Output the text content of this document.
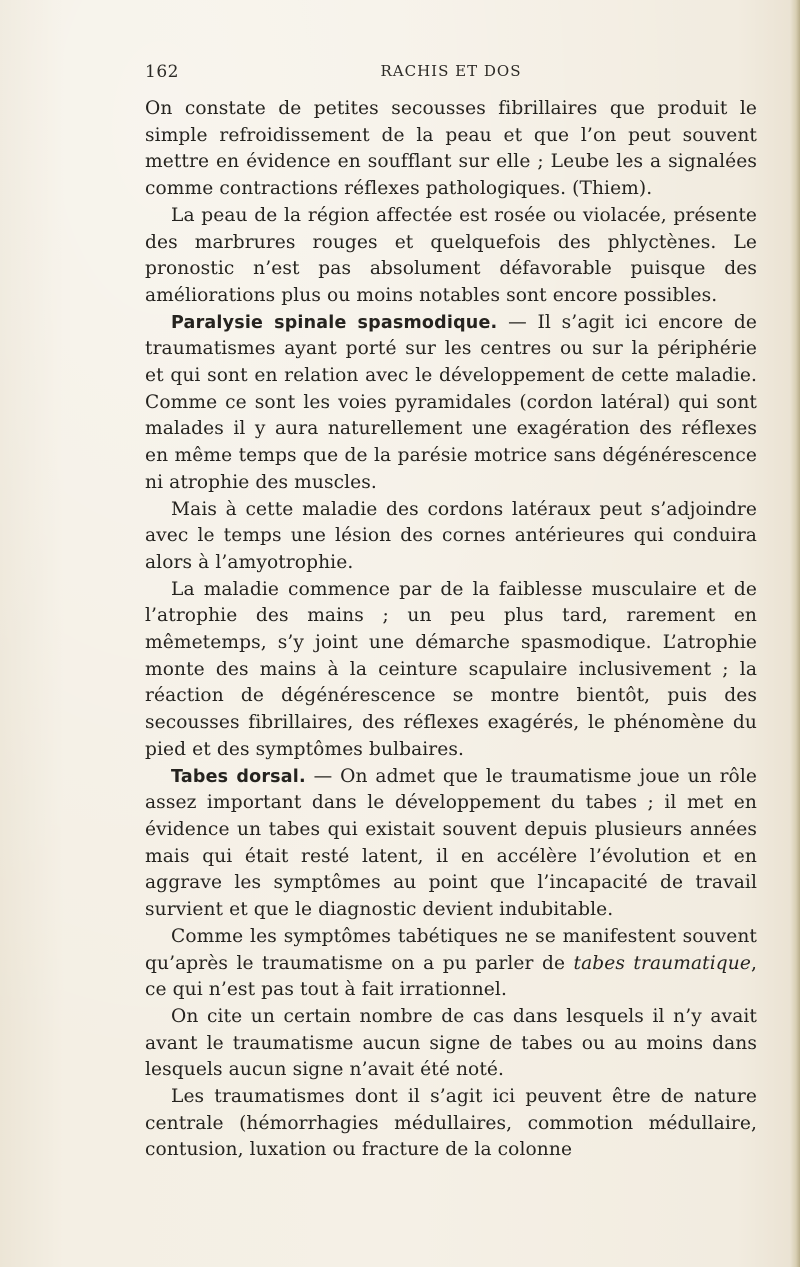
162	RACHIS ET DOS

On constate de petites secousses fibrillaires que produit le simple refroidissement de la peau et que l’on peut souvent mettre en évidence en soufflant sur elle ; Leube les a signalées comme contractions réflexes pathologiques. (Thiem).

La peau de la région affectée est rosée ou violacée, présente des marbrures rouges et quelquefois des phlyctènes. Le pronostic n’est pas absolument défavorable puisque des améliorations plus ou moins notables sont encore possibles.

Paralysie spinale spasmodique. — Il s’agit ici encore de traumatismes ayant porté sur les centres ou sur la périphérie et qui sont en relation avec le développement de cette maladie. Comme ce sont les voies pyramidales (cordon latéral) qui sont malades il y aura naturellement une exagération des réflexes en même temps que de la parésie motrice sans dégénérescence ni atrophie des muscles.

Mais à cette maladie des cordons latéraux peut s’adjoindre avec le temps une lésion des cornes antérieures qui conduira alors à l’amyotrophie.

La maladie commence par de la faiblesse musculaire et de l’atrophie des mains ; un peu plus tard, rarement en mêmetemps, s’y joint une démarche spasmodique. L’atrophie monte des mains à la ceinture scapulaire inclusivement ; la réaction de dégénérescence se montre bientôt, puis des secousses fibrillaires, des réflexes exagérés, le phénomène du pied et des symptômes bulbaires.

Tabes dorsal. — On admet que le traumatisme joue un rôle assez important dans le développement du tabes ; il met en évidence un tabes qui existait souvent depuis plusieurs années mais qui était resté latent, il en accélère l’évolution et en aggrave les symptômes au point que l’incapacité de travail survient et que le diagnostic devient indubitable.

Comme les symptômes tabétiques ne se manifestent souvent qu’après le traumatisme on a pu parler de tabes traumatique, ce qui n’est pas tout à fait irrationnel.

On cite un certain nombre de cas dans lesquels il n’y avait avant le traumatisme aucun signe de tabes ou au moins dans lesquels aucun signe n’avait été noté.

Les traumatismes dont il s’agit ici peuvent être de nature centrale (hémorrhagies médullaires, commotion médullaire, contusion, luxation ou fracture de la colonne
